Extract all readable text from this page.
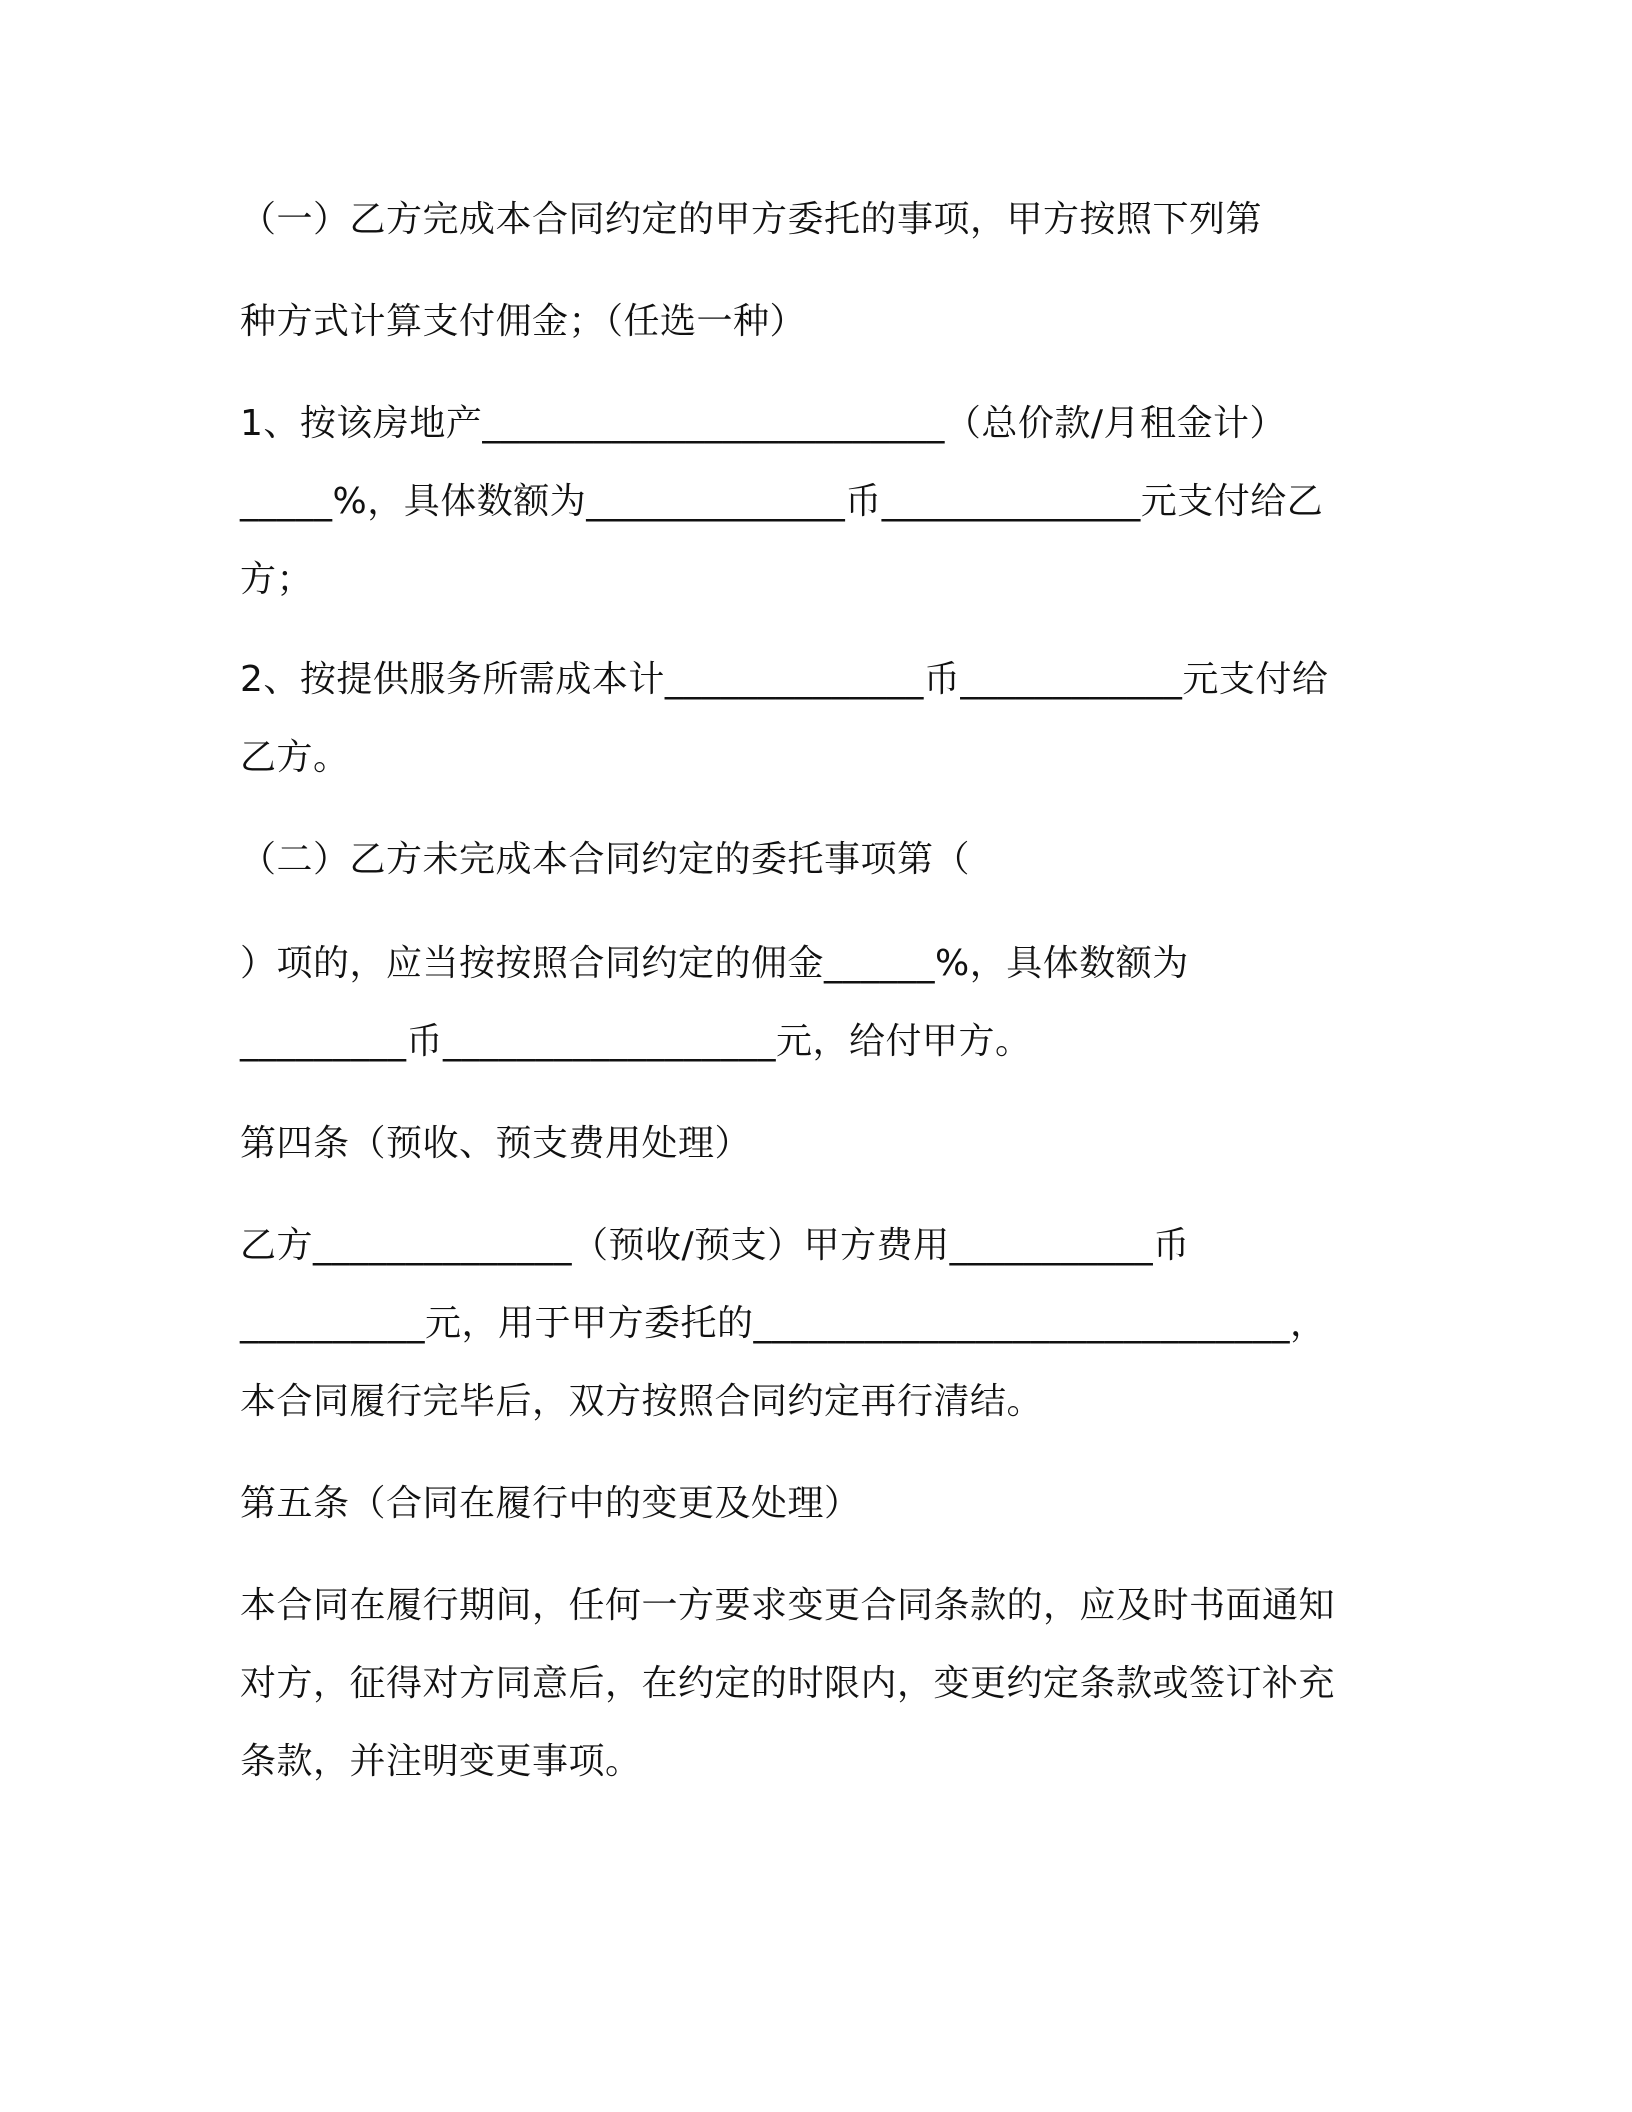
（一）乙方完成本合同约定的甲方委托的事项，甲方按照下列第
种方式计算支付佣金；（任选一种）
1、按该房地产_________________________（总价款/月租金计）
_____%，具体数额为______________币______________元支付给乙
方；
2、按提供服务所需成本计______________币____________元支付给
乙方。
（二）乙方未完成本合同约定的委托事项第（
）项的，应当按按照合同约定的佣金______%，具体数额为
_________币__________________元，给付甲方。
第四条（预收、预支费用处理）
乙方______________（预收/预支）甲方费用___________币
__________元，用于甲方委托的_____________________________，
本合同履行完毕后，双方按照合同约定再行清结。
第五条（合同在履行中的变更及处理）
本合同在履行期间，任何一方要求变更合同条款的，应及时书面通知
对方，征得对方同意后，在约定的时限内，变更约定条款或签订补充
条款，并注明变更事项。
